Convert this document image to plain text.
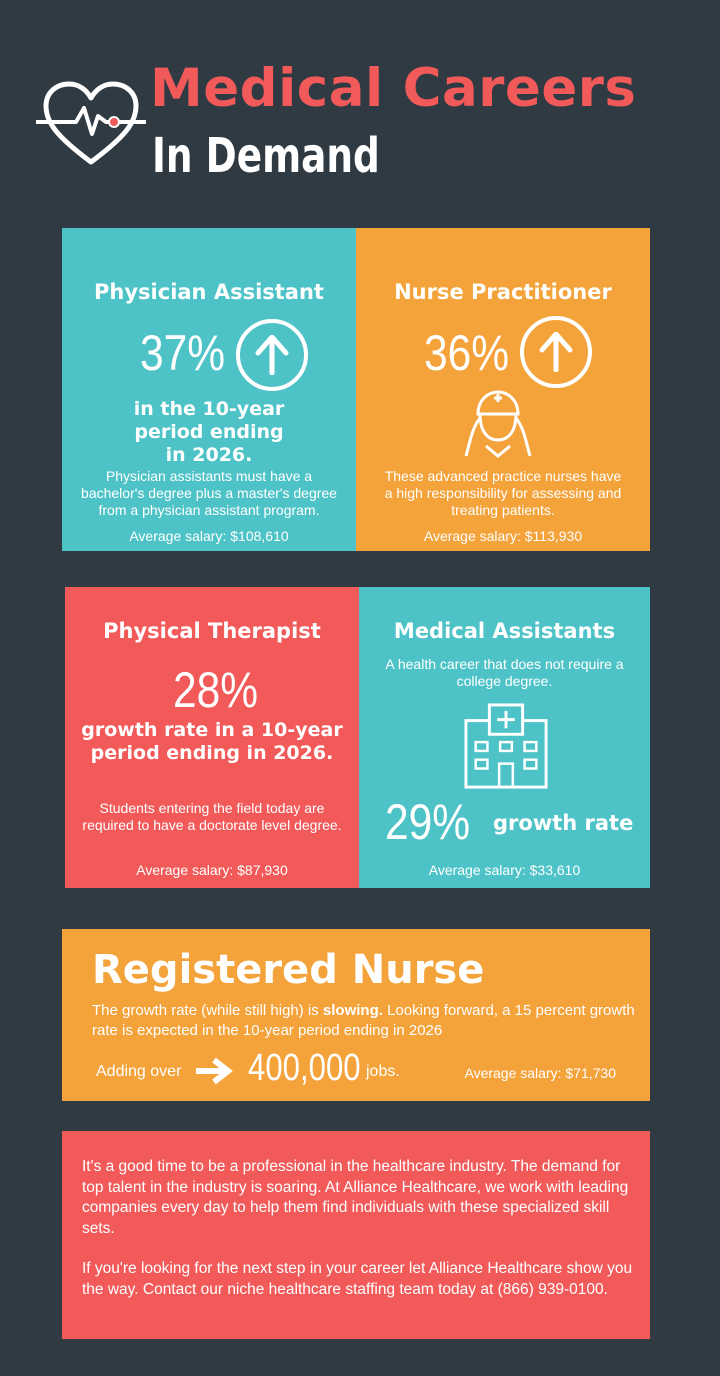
Medical Careers
In Demand
Physician Assistant
37%
in the 10-year period ending in 2026.
Physician assistants must have a bachelor's degree plus a master's degree from a physician assistant program.
Average salary: $108,610
Nurse Practitioner
36%
These advanced practice nurses have a high responsibility for assessing and treating patients.
Average salary: $113,930
Physical Therapist
28%
growth rate in a 10-year period ending in 2026.
Students entering the field today are required to have a doctorate level degree.
Average salary: $87,930
Medical Assistants
A health career that does not require a college degree.
29% growth rate
Average salary: $33,610
Registered Nurse
The growth rate (while still high) is slowing. Looking forward, a 15 percent growth rate is expected in the 10-year period ending in 2026
Adding over 400,000 jobs.	Average salary: $71,730

It's a good time to be a professional in the healthcare industry. The demand for top talent in the industry is soaring. At Alliance Healthcare, we work with leading companies every day to help them find individuals with these specialized skill sets.

If you're looking for the next step in your career let Alliance Healthcare show you the way. Contact our niche healthcare staffing team today at (866) 939-0100.
